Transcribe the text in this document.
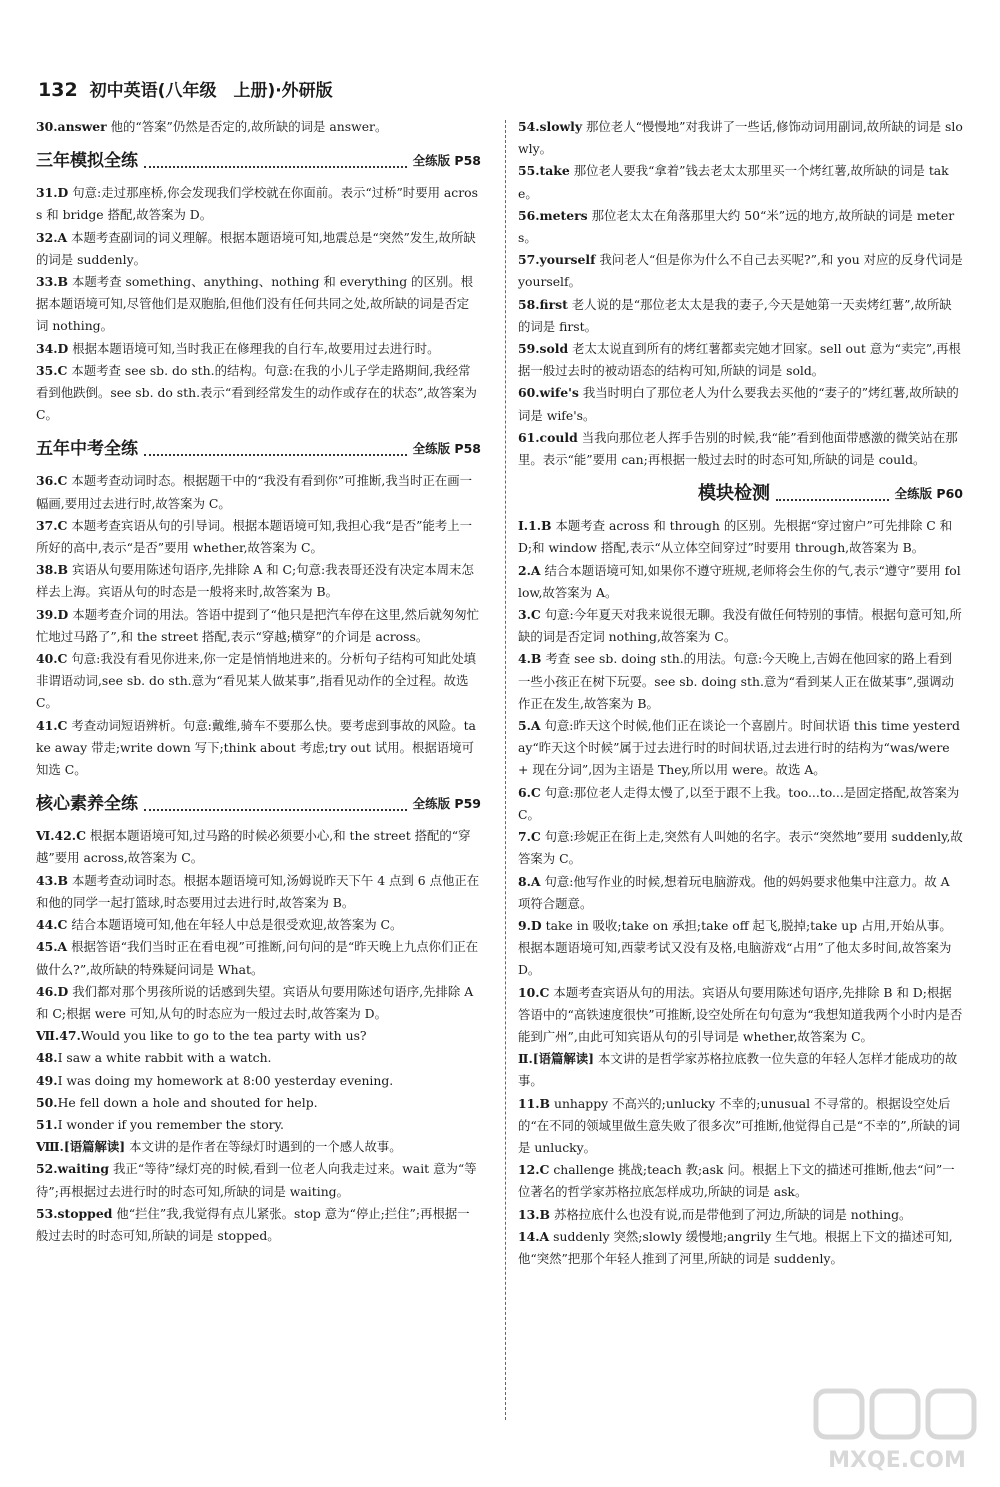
132 初中英语(八年级　上册)·外研版

30.answer 他的“答案”仍然是否定的,故所缺的词是 answer。

三年模拟全练	全练版 P58

31.D 句意:走过那座桥,你会发现我们学校就在你面前。表示“过桥”时要用 across 和 bridge 搭配,故答案为 D。

32.A 本题考查副词的词义理解。根据本题语境可知,地震总是“突然”发生,故所缺的词是 suddenly。

33.B 本题考查 something、anything、nothing 和 everything 的区别。根据本题语境可知,尽管他们是双胞胎,但他们没有任何共同之处,故所缺的词是否定词 nothing。

34.D 根据本题语境可知,当时我正在修理我的自行车,故要用过去进行时。

35.C 本题考查 see sb. do sth.的结构。句意:在我的小儿子学走路期间,我经常看到他跌倒。see sb. do sth.表示“看到经常发生的动作或存在的状态”,故答案为 C。

五年中考全练	全练版 P58

36.C 本题考查动词时态。根据题干中的“我没有看到你”可推断,我当时正在画一幅画,要用过去进行时,故答案为 C。

37.C 本题考查宾语从句的引导词。根据本题语境可知,我担心我“是否”能考上一所好的高中,表示“是否”要用 whether,故答案为 C。

38.B 宾语从句要用陈述句语序,先排除 A 和 C;句意:我表哥还没有决定本周末怎样去上海。宾语从句的时态是一般将来时,故答案为 B。

39.D 本题考查介词的用法。答语中提到了“他只是把汽车停在这里,然后就匆匆忙忙地过马路了”,和 the street 搭配,表示“穿越;横穿”的介词是 across。

40.C 句意:我没有看见你进来,你一定是悄悄地进来的。分析句子结构可知此处填非谓语动词,see sb. do sth.意为“看见某人做某事”,指看见动作的全过程。故选 C。

41.C 考查动词短语辨析。句意:戴维,骑车不要那么快。要考虑到事故的风险。take away 带走;write down 写下;think about 考虑;try out 试用。根据语境可知选 C。

核心素养全练	全练版 P59

Ⅵ.42.C 根据本题语境可知,过马路的时候必须要小心,和 the street 搭配的“穿越”要用 across,故答案为 C。

43.B 本题考查动词时态。根据本题语境可知,汤姆说昨天下午 4 点到 6 点他正在和他的同学一起打篮球,时态要用过去进行时,故答案为 B。

44.C 结合本题语境可知,他在年轻人中总是很受欢迎,故答案为 C。

45.A 根据答语“我们当时正在看电视”可推断,问句问的是“昨天晚上九点你们正在做什么?”,故所缺的特殊疑问词是 What。

46.D 我们都对那个男孩所说的话感到失望。宾语从句要用陈述句语序,先排除 A 和 C;根据 were 可知,从句的时态应为一般过去时,故答案为 D。

Ⅶ.47.Would you like to go to the tea party with us?

48.I saw a white rabbit with a watch.

49.I was doing my homework at 8:00 yesterday evening.

50.He fell down a hole and shouted for help.

51.I wonder if you remember the story.

Ⅷ.[语篇解读] 本文讲的是作者在等绿灯时遇到的一个感人故事。

52.waiting 我正“等待”绿灯亮的时候,看到一位老人向我走过来。wait 意为“等待”;再根据过去进行时的时态可知,所缺的词是 waiting。

53.stopped 他“拦住”我,我觉得有点儿紧张。stop 意为“停止;拦住”;再根据一般过去时的时态可知,所缺的词是 stopped。

54.slowly 那位老人“慢慢地”对我讲了一些话,修饰动词用副词,故所缺的词是 slowly。

55.take 那位老人要我“拿着”钱去老太太那里买一个烤红薯,故所缺的词是 take。

56.meters 那位老太太在角落那里大约 50“米”远的地方,故所缺的词是 meters。

57.yourself 我问老人“但是你为什么不自己去买呢?”,和 you 对应的反身代词是 yourself。

58.first 老人说的是“那位老太太是我的妻子,今天是她第一天卖烤红薯”,故所缺的词是 first。

59.sold 老太太说直到所有的烤红薯都卖完她才回家。sell out 意为“卖完”,再根据一般过去时的被动语态的结构可知,所缺的词是 sold。

60.wife's 我当时明白了那位老人为什么要我去买他的“妻子的”烤红薯,故所缺的词是 wife's。

61.could 当我向那位老人挥手告别的时候,我“能”看到他面带感激的微笑站在那里。表示“能”要用 can;再根据一般过去时的时态可知,所缺的词是 could。

模块检测	全练版 P60

Ⅰ.1.B 本题考查 across 和 through 的区别。先根据“穿过窗户”可先排除 C 和 D;和 window 搭配,表示“从立体空间穿过”时要用 through,故答案为 B。

2.A 结合本题语境可知,如果你不遵守班规,老师将会生你的气,表示“遵守”要用 follow,故答案为 A。

3.C 句意:今年夏天对我来说很无聊。我没有做任何特别的事情。根据句意可知,所缺的词是否定词 nothing,故答案为 C。

4.B 考查 see sb. doing sth.的用法。句意:今天晚上,吉姆在他回家的路上看到一些小孩正在树下玩耍。see sb. doing sth.意为“看到某人正在做某事”,强调动作正在发生,故答案为 B。

5.A 句意:昨天这个时候,他们正在谈论一个喜剧片。时间状语 this time yesterday“昨天这个时候”属于过去进行时的时间状语,过去进行时的结构为“was/were + 现在分词”,因为主语是 They,所以用 were。故选 A。

6.C 句意:那位老人走得太慢了,以至于跟不上我。too...to...是固定搭配,故答案为 C。

7.C 句意:珍妮正在街上走,突然有人叫她的名字。表示“突然地”要用 suddenly,故答案为 C。

8.A 句意:他写作业的时候,想着玩电脑游戏。他的妈妈要求他集中注意力。故 A 项符合题意。

9.D take in 吸收;take on 承担;take off 起飞,脱掉;take up 占用,开始从事。根据本题语境可知,西蒙考试又没有及格,电脑游戏“占用”了他太多时间,故答案为 D。

10.C 本题考查宾语从句的用法。宾语从句要用陈述句语序,先排除 B 和 D;根据答语中的“高铁速度很快”可推断,设空处所在句句意为“我想知道我两个小时内是否能到广州”,由此可知宾语从句的引导词是 whether,故答案为 C。

Ⅱ.[语篇解读] 本文讲的是哲学家苏格拉底教一位失意的年轻人怎样才能成功的故事。

11.B unhappy 不高兴的;unlucky 不幸的;unusual 不寻常的。根据设空处后的“在不同的领域里做生意失败了很多次”可推断,他觉得自己是“不幸的”,所缺的词是 unlucky。

12.C challenge 挑战;teach 教;ask 问。根据上下文的描述可推断,他去“问”一位著名的哲学家苏格拉底怎样成功,所缺的词是 ask。

13.B 苏格拉底什么也没有说,而是带他到了河边,所缺的词是 nothing。

14.A suddenly 突然;slowly 缓慢地;angrily 生气地。根据上下文的描述可知,他“突然”把那个年轻人推到了河里,所缺的词是 suddenly。

MXQE.COM
